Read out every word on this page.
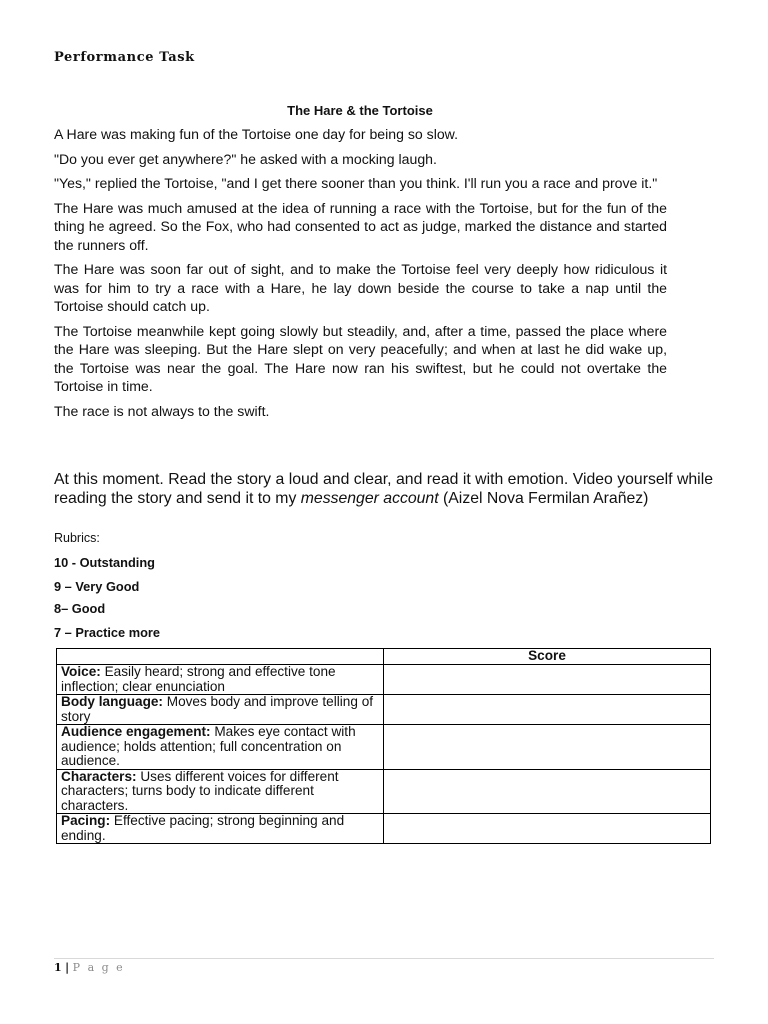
Performance Task
The Hare & the Tortoise

A Hare was making fun of the Tortoise one day for being so slow.

"Do you ever get anywhere?" he asked with a mocking laugh.

"Yes," replied the Tortoise, "and I get there sooner than you think. I'll run you a race and prove it."

The Hare was much amused at the idea of running a race with the Tortoise, but for the fun of the thing he agreed. So the Fox, who had consented to act as judge, marked the distance and started the runners off.

The Hare was soon far out of sight, and to make the Tortoise feel very deeply how ridiculous it was for him to try a race with a Hare, he lay down beside the course to take a nap until the Tortoise should catch up.

The Tortoise meanwhile kept going slowly but steadily, and, after a time, passed the place where the Hare was sleeping. But the Hare slept on very peacefully; and when at last he did wake up, the Tortoise was near the goal. The Hare now ran his swiftest, but he could not overtake the Tortoise in time.

The race is not always to the swift.

At this moment. Read the story a loud and clear, and read it with emotion. Video yourself while reading the story and send it to my messenger account (Aizel Nova Fermilan Arañez)
Rubrics:
10 - Outstanding
9 – Very Good
8– Good
7 – Practice more
	Score
Voice: Easily heard; strong and effective tone inflection; clear enunciation	
Body language: Moves body and improve telling of story	
Audience engagement: Makes eye contact with audience; holds attention; full concentration on audience.	
Characters: Uses different voices for different characters; turns body to indicate different characters.	
Pacing: Effective pacing; strong beginning and ending.	
1 | P a g e
